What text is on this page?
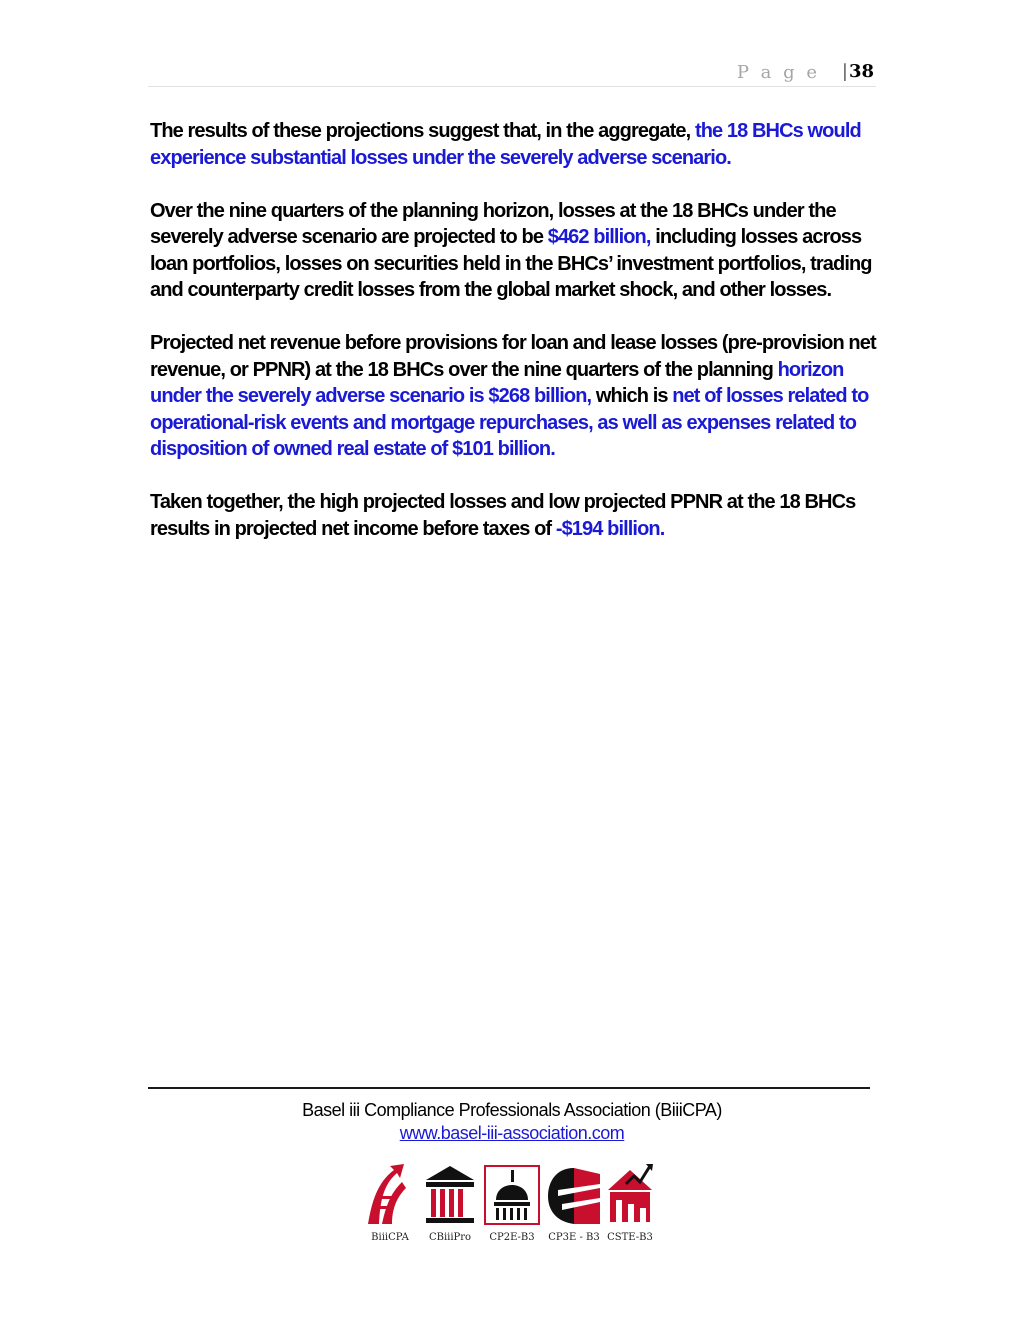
P a g e | 38

The results of these projections suggest that, in the aggregate, the 18 BHCs would experience substantial losses under the severely adverse scenario.

Over the nine quarters of the planning horizon, losses at the 18 BHCs under the severely adverse scenario are projected to be $462 billion, including losses across loan portfolios, losses on securities held in the BHCs’ investment portfolios, trading and counterparty credit losses from the global market shock, and other losses.

Projected net revenue before provisions for loan and lease losses (pre-provision net revenue, or PPNR) at the 18 BHCs over the nine quarters of the planning horizon under the severely adverse scenario is $268 billion, which is net of losses related to operational-risk events and mortgage repurchases, as well as expenses related to disposition of owned real estate of $101 billion.

Taken together, the high projected losses and low projected PPNR at the 18 BHCs results in projected net income before taxes of -$194 billion.

Basel iii Compliance Professionals Association (BiiiCPA)
www.basel-iii-association.com
BiiiCPA	CBiiiPro	CP2E-B3	CP3E - B3 CSTE-B3
